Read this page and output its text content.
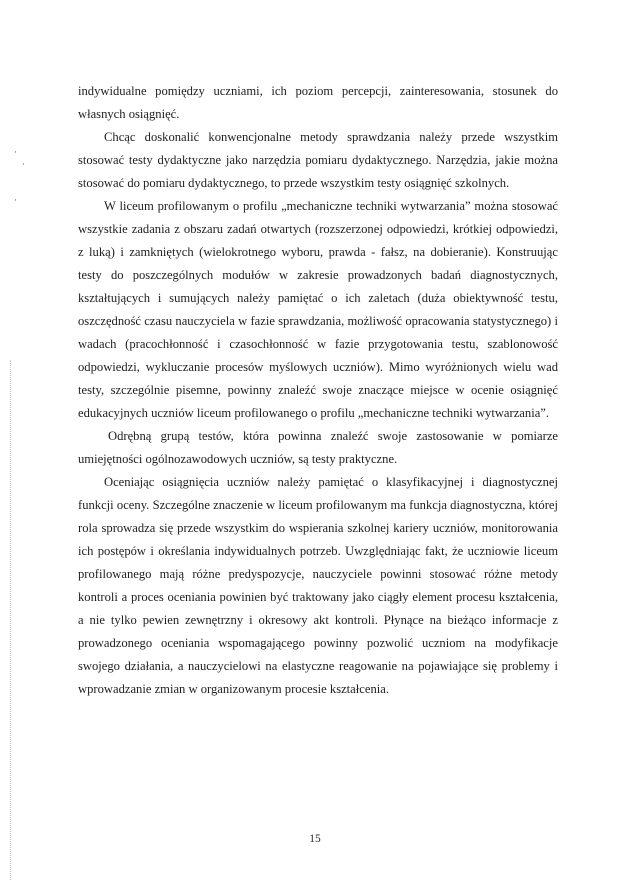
·
·
·

indywidualne pomiędzy uczniami, ich poziom percepcji, zainteresowania, stosunek do własnych osiągnięć.

Chcąc doskonalić konwencjonalne metody sprawdzania należy przede wszystkim stosować testy dydaktyczne jako narzędzia pomiaru dydaktycznego. Narzędzia, jakie można stosować do pomiaru dydaktycznego, to przede wszystkim testy osiągnięć szkolnych.

W liceum profilowanym o profilu „mechaniczne techniki wytwarzania” można stosować wszystkie zadania z obszaru zadań otwartych (rozszerzonej odpowiedzi, krótkiej odpowiedzi, z luką) i zamkniętych (wielokrotnego wyboru, prawda - fałsz, na dobieranie). Konstruując testy do poszczególnych modułów w zakresie prowadzonych badań diagnostycznych, kształtujących i sumujących należy pamiętać o ich zaletach (duża obiektywność testu, oszczędność czasu nauczyciela w fazie sprawdzania, możliwość opracowania statystycznego) i wadach (pracochłonność i czasochłonność w fazie przygotowania testu, szablonowość odpowiedzi, wykluczanie procesów myślowych uczniów). Mimo wyróżnionych wielu wad testy, szczególnie pisemne, powinny znaleźć swoje znaczące miejsce w ocenie osiągnięć edukacyjnych uczniów liceum profilowanego o profilu „mechaniczne techniki wytwarzania”.

Odrębną grupą testów, która powinna znaleźć swoje zastosowanie w pomiarze umiejętności ogólnozawodowych uczniów, są testy praktyczne.

Oceniając osiągnięcia uczniów należy pamiętać o klasyfikacyjnej i diagnostycznej funkcji oceny. Szczególne znaczenie w liceum profilowanym ma funkcja diagnostyczna, której rola sprowadza się przede wszystkim do wspierania szkolnej kariery uczniów, monitorowania ich postępów i określania indywidualnych potrzeb. Uwzględniając fakt, że uczniowie liceum profilowanego mają różne predyspozycje, nauczyciele powinni stosować różne metody kontroli a proces oceniania powinien być traktowany jako ciągły element procesu kształcenia, a nie tylko pewien zewnętrzny i okresowy akt kontroli. Płynące na bieżąco informacje z prowadzonego oceniania wspomagającego powinny pozwolić uczniom na modyfikacje swojego działania, a nauczycielowi na elastyczne reagowanie na pojawiające się problemy i wprowadzanie zmian w organizowanym procesie kształcenia.

15
